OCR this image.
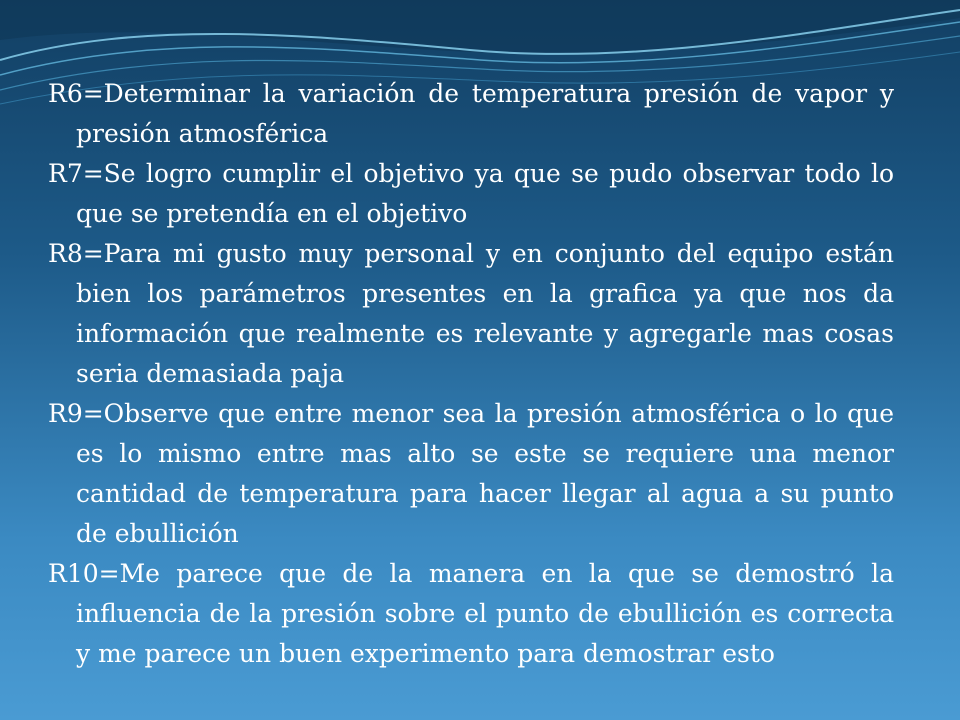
R6=Determinar la variación de temperatura presión de vapor y presión atmosférica

R7=Se logro cumplir el objetivo ya que se pudo observar todo lo que se pretendía en el objetivo

R8=Para mi gusto muy personal y en conjunto del equipo están bien los parámetros presentes en la grafica ya que nos da información que realmente es relevante y agregarle mas cosas seria demasiada paja

R9=Observe que entre menor sea la presión atmosférica o lo que es lo mismo entre mas alto se este se requiere una menor cantidad de temperatura para hacer llegar al agua a su punto de ebullición

R10=Me parece que de la manera en la que se demostró la influencia de la presión sobre el punto de ebullición es correcta y me parece un buen experimento para demostrar esto
